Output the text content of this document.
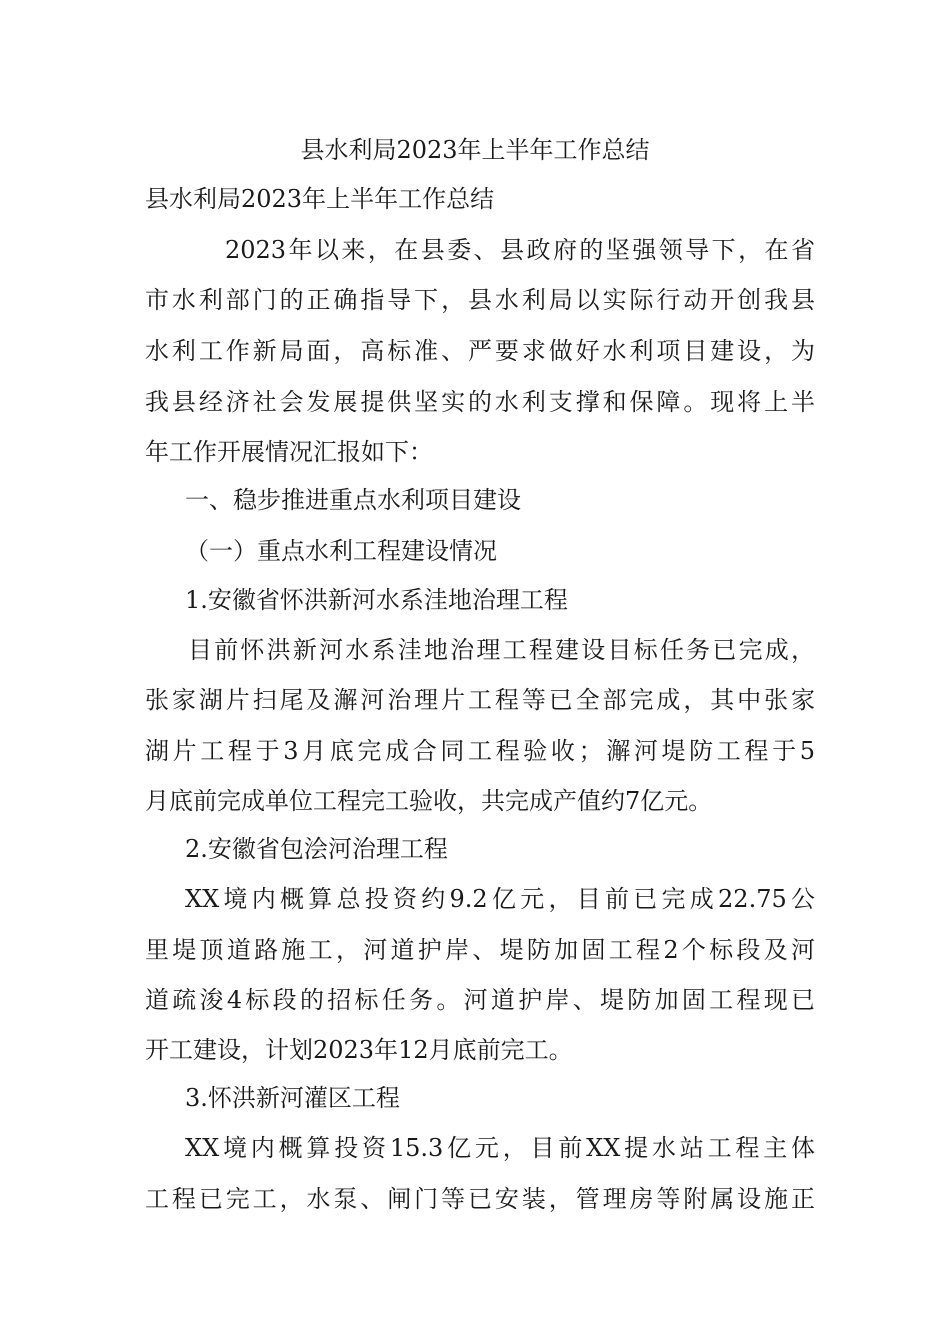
县水利局2023年上半年工作总结
县水利局2023年上半年工作总结
2023年以来，在县委、县政府的坚强领导下，在省
市水利部门的正确指导下，县水利局以实际行动开创我县
水利工作新局面，高标准、严要求做好水利项目建设，为
我县经济社会发展提供坚实的水利支撑和保障。现将上半
年工作开展情况汇报如下：
一、稳步推进重点水利项目建设
（一）重点水利工程建设情况
1.安徽省怀洪新河水系洼地治理工程
目前怀洪新河水系洼地治理工程建设目标任务已完成，
张家湖片扫尾及澥河治理片工程等已全部完成，其中张家
湖片工程于3月底完成合同工程验收；澥河堤防工程于5
月底前完成单位工程完工验收，共完成产值约7亿元。
2.安徽省包浍河治理工程
XX境内概算总投资约9.2亿元，目前已完成22.75公
里堤顶道路施工，河道护岸、堤防加固工程2个标段及河
道疏浚4标段的招标任务。河道护岸、堤防加固工程现已
开工建设，计划2023年12月底前完工。
3.怀洪新河灌区工程
XX境内概算投资15.3亿元，目前XX提水站工程主体
工程已完工，水泵、闸门等已安装，管理房等附属设施正
